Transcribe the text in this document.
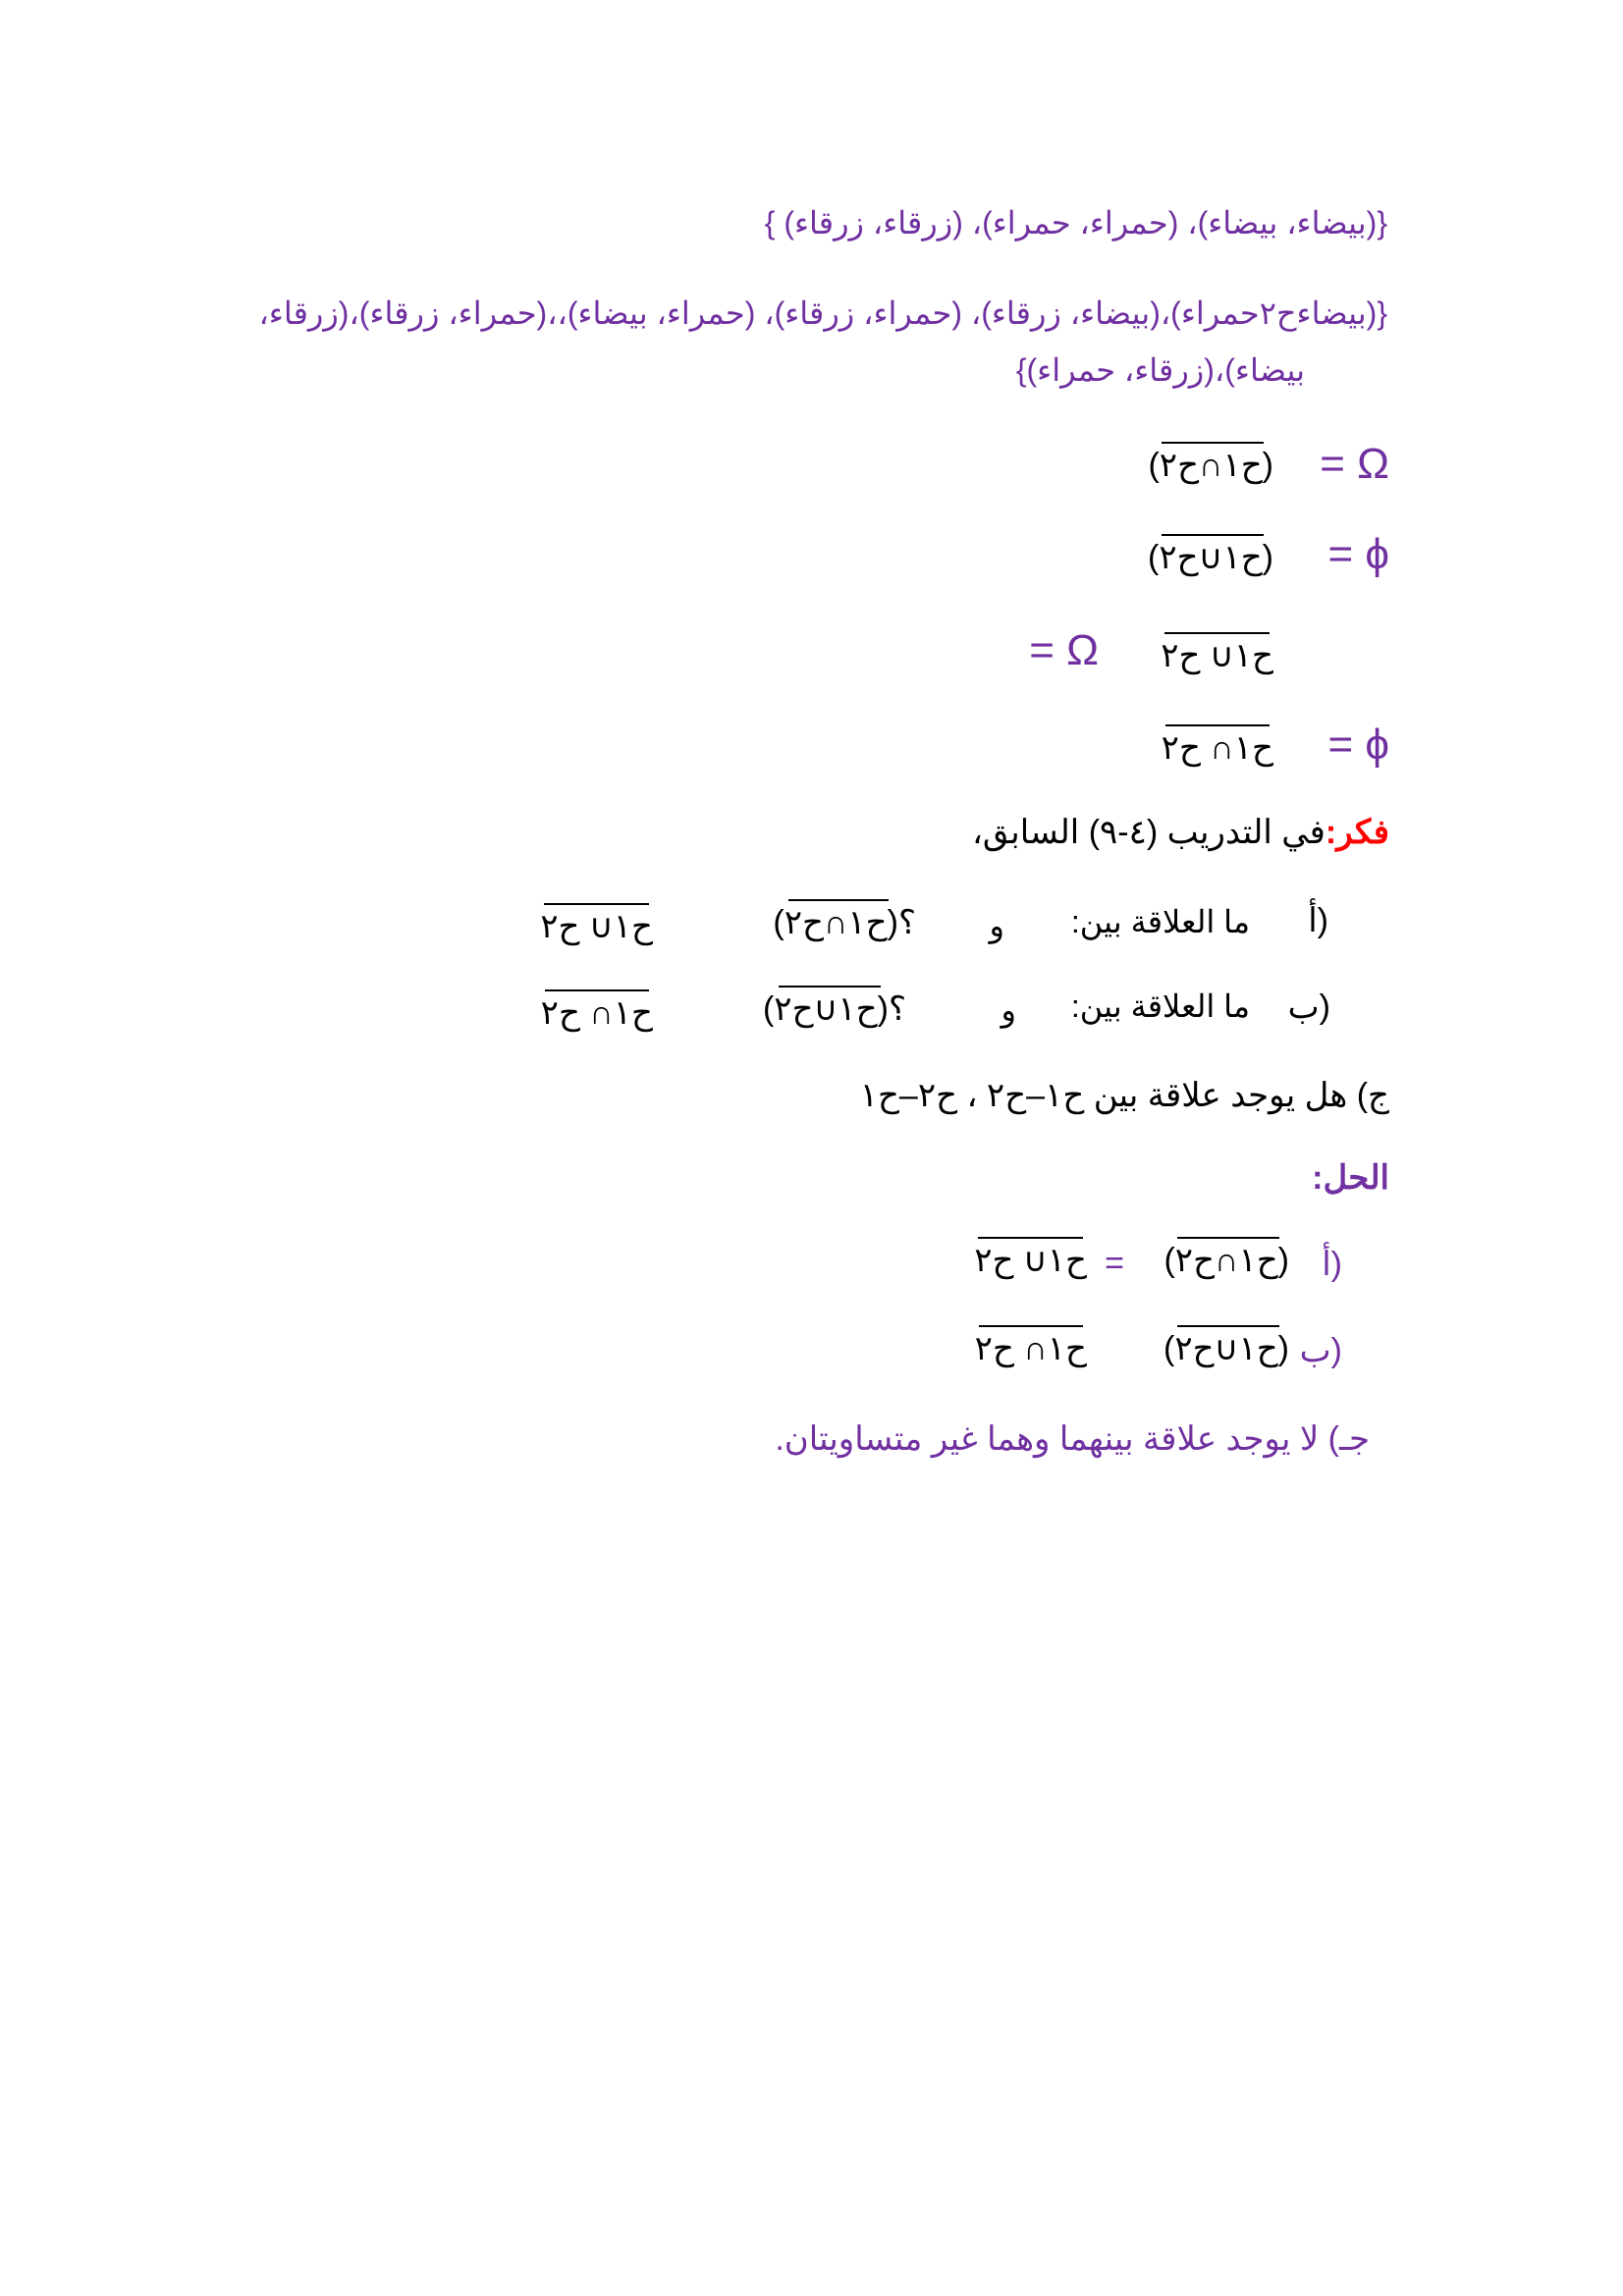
{(بيضاء، بيضاء)، (حمراء، حمراء)، (زرقاء، زرقاء) }
{(بيضاءح٢حمراء)،(بيضاء، زرقاء)، (حمراء، زرقاء)، (حمراء، بيضاء)،،(حمراء، زرقاء)،(زرقاء،
بيضاء)،(زرقاء، حمراء)}
= Ω
(ح١∩ح٢)
= ϕ
(ح١∪ح٢)
= Ω ح١∪ ح٢
= ϕ
ح١∩ ح٢
فكر:في التدريب (٤-٩) السابق،
أ)
ما العلاقة بين:
و
(ح١∩ح٢)؟
ح١∪ ح٢
ب)
ما العلاقة بين:
و
(ح١∪ح٢)؟
ح١∩ ح٢
ج) هل يوجد علاقة بين ح١–ح٢ ، ح٢–ح١
الحل:
أ)
(ح١∩ح٢)
=
ح١∪ ح٢
ب)
(ح١∪ح٢)
ح١∩ ح٢
جـ) لا يوجد علاقة بينهما وهما غير متساويتان.
